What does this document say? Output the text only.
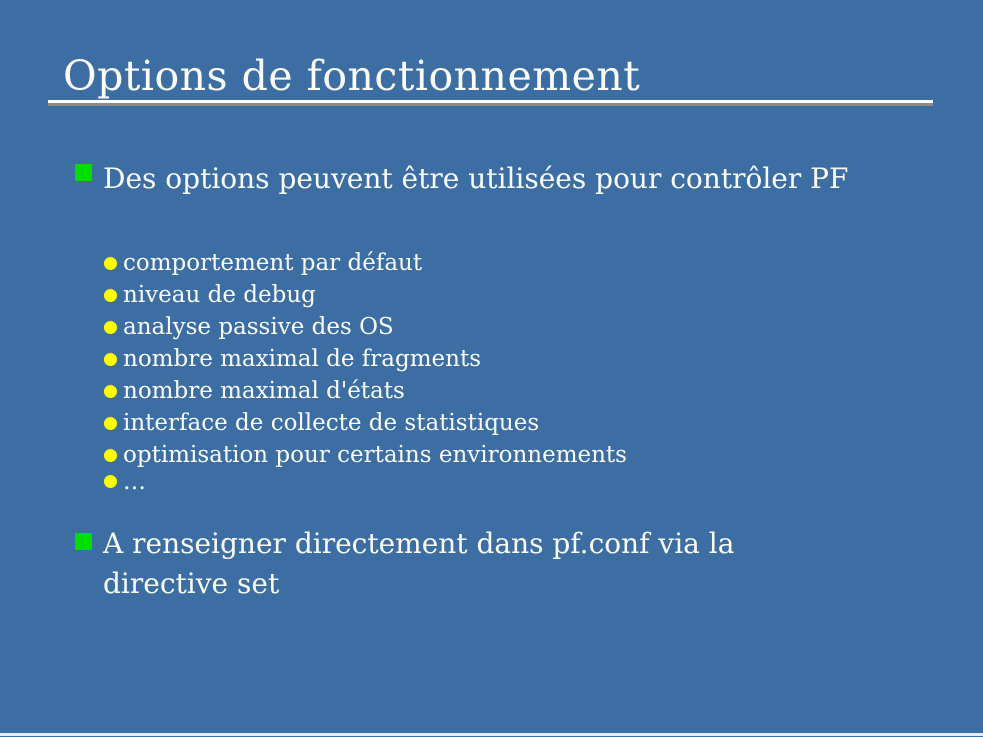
Options de fonctionnement
Des options peuvent être utilisées pour contrôler PF
comportement par défaut
niveau de debug
analyse passive des OS
nombre maximal de fragments
nombre maximal d'états
interface de collecte de statistiques
optimisation pour certains environnements
…
A renseigner directement dans pf.conf via la directive set
